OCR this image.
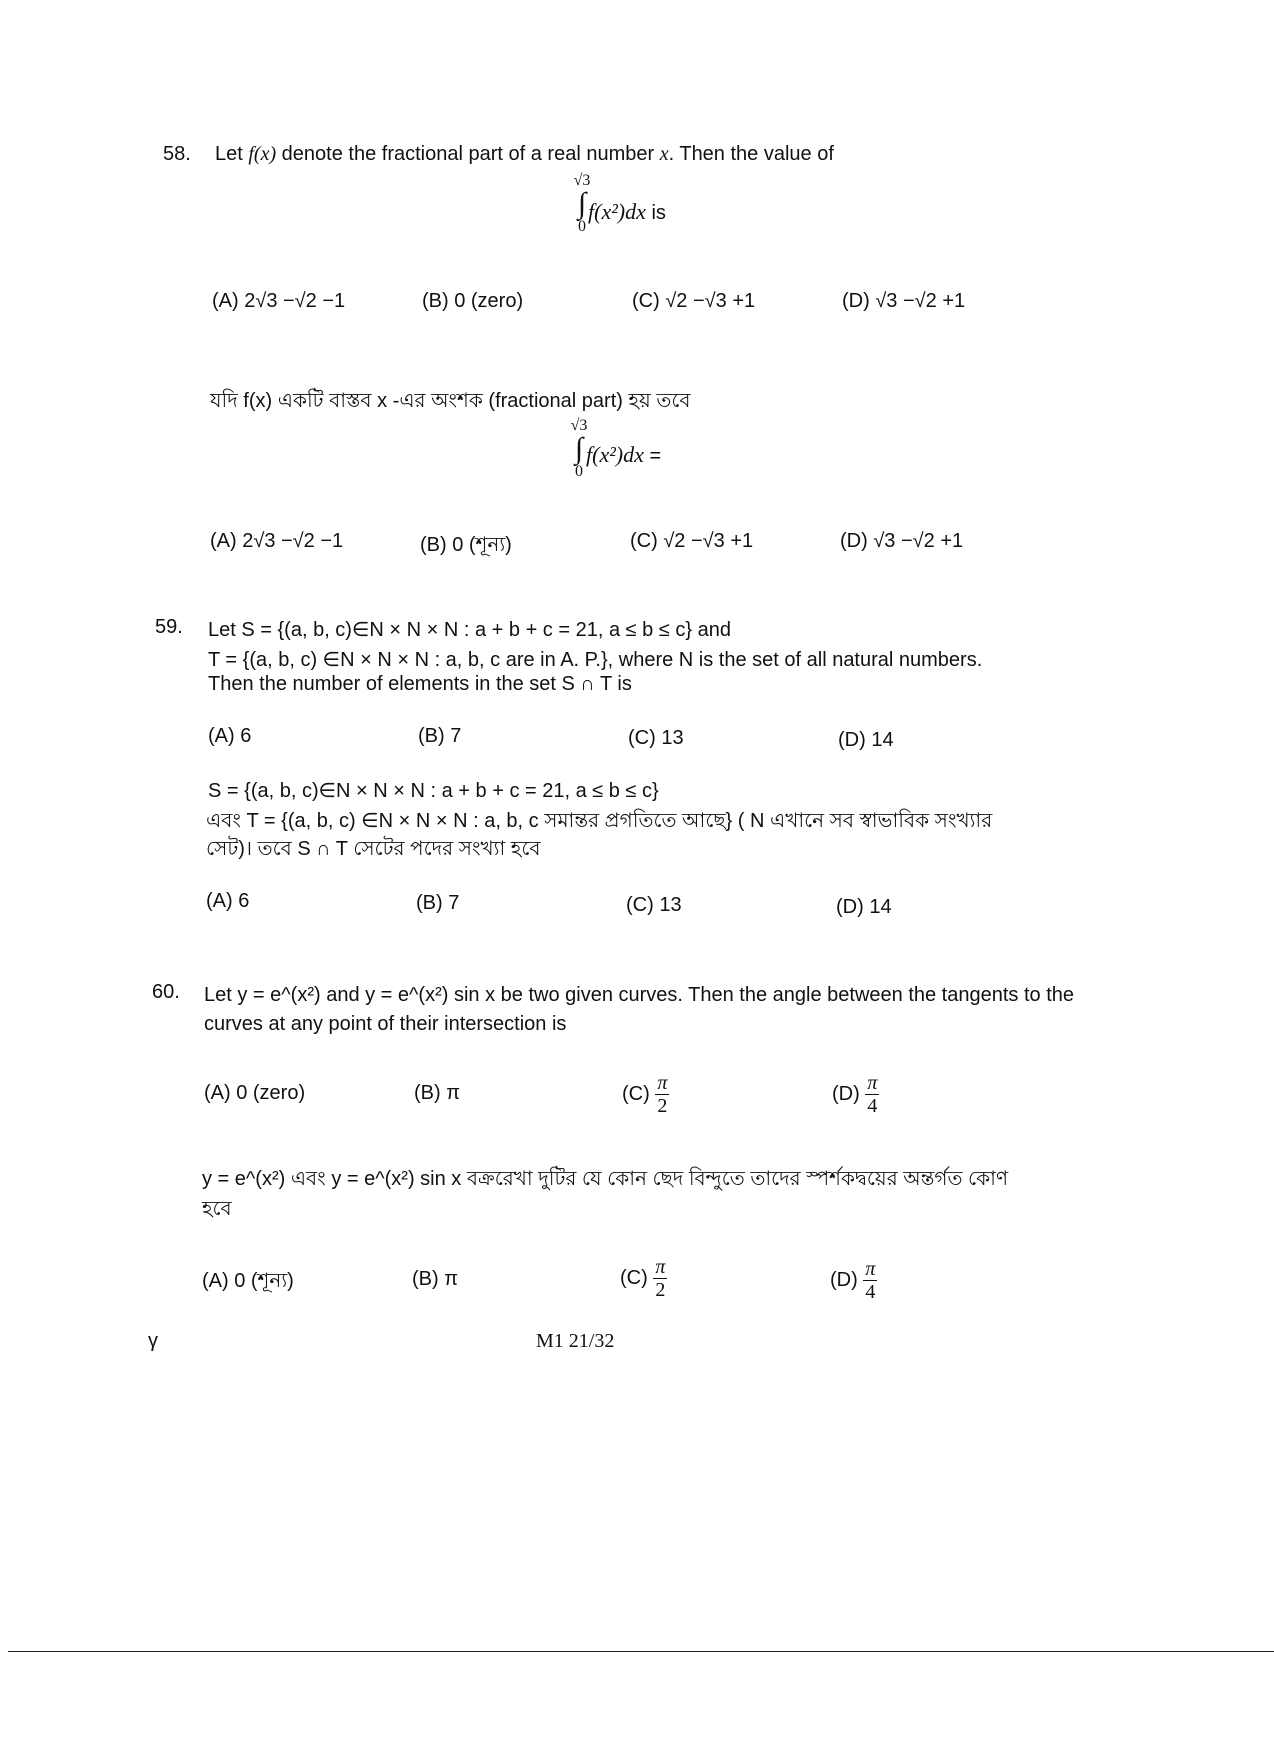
58. Let f(x) denote the fractional part of a real number x. Then the value of
√3
∫
0
f(x²)dx is
(A) 2√3 −√2 −1	(B) 0 (zero)	(C) √2 −√3 +1	(D) √3 −√2 +1
যদি f(x) একটি বাস্তব x -এর অংশক (fractional part) হয় তবে
√3
∫
0
f(x²)dx =
(A) 2√3 −√2 −1	(B) 0 (শূন্য)	(C) √2 −√3 +1	(D) √3 −√2 +1
59. Let S = {(a, b, c)∈N × N × N : a + b + c = 21, a ≤ b ≤ c} and
T = {(a, b, c) ∈N × N × N : a, b, c are in A. P.}, where N is the set of all natural numbers.
Then the number of elements in the set S ∩ T is
(A) 6	(B) 7	(C) 13	(D) 14
S = {(a, b, c)∈N × N × N : a + b + c = 21, a ≤ b ≤ c}
এবং T = {(a, b, c) ∈N × N × N : a, b, c সমান্তর প্রগতিতে আছে} ( N এখানে সব স্বাভাবিক সংখ্যার
সেট)। তবে S ∩ T সেটের পদের সংখ্যা হবে
(A) 6	(B) 7	(C) 13	(D) 14
60. Let y = e^(x²) and y = e^(x²) sin x be two given curves. Then the angle between the tangents to the
curves at any point of their intersection is
(A) 0 (zero)	(B) π	$(C) \frac{\pi}{2}$	$(D) \frac{\pi}{4}$
y = e^(x²) এবং y = e^(x²) sin x বক্ররেখা দুটির যে কোন ছেদ বিন্দুতে তাদের স্পর্শকদ্বয়ের অন্তর্গত কোণ
হবে
(A) 0 (শূন্য)	(B) π	$(C) \frac{\pi}{2}$	$(D) \frac{\pi}{4}$
γ	M1 21/32
